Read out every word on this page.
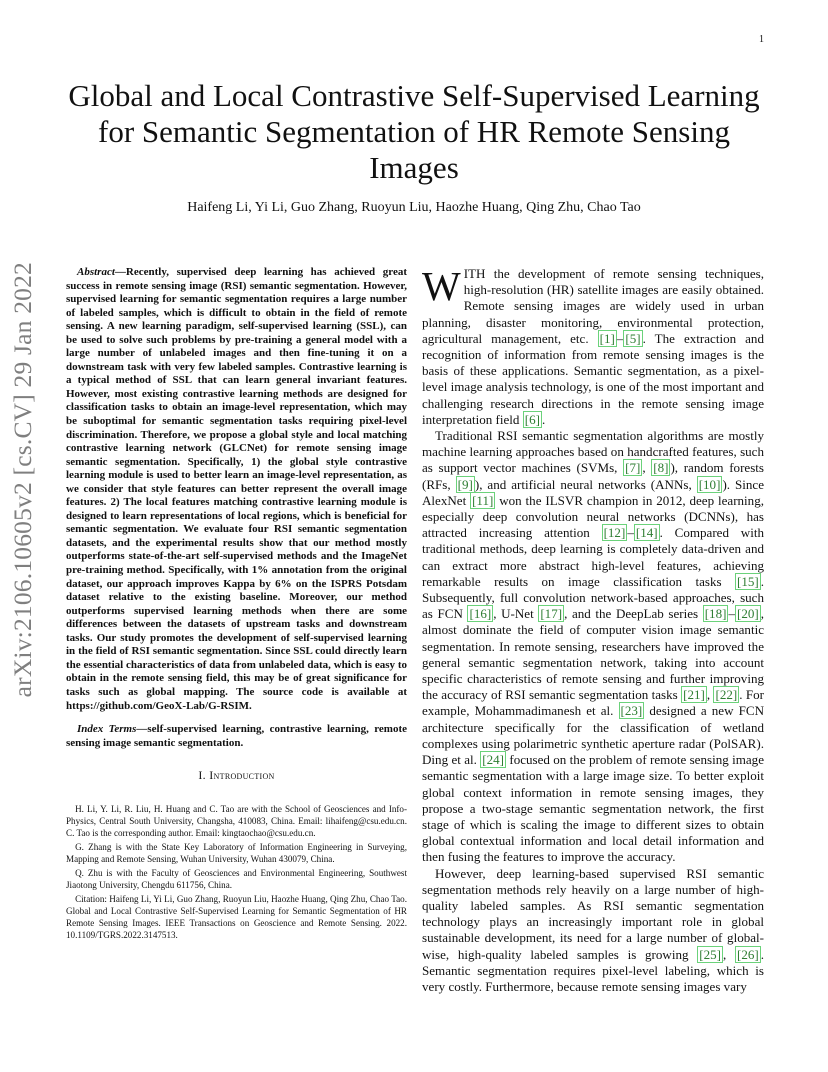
1
arXiv:2106.10605v2 [cs.CV] 29 Jan 2022
Global and Local Contrastive Self-Supervised Learning for Semantic Segmentation of HR Remote Sensing Images
Haifeng Li, Yi Li, Guo Zhang, Ruoyun Liu, Haozhe Huang, Qing Zhu, Chao Tao

Abstract—Recently, supervised deep learning has achieved great success in remote sensing image (RSI) semantic segmentation. However, supervised learning for semantic segmentation requires a large number of labeled samples, which is difficult to obtain in the field of remote sensing. A new learning paradigm, self-supervised learning (SSL), can be used to solve such problems by pre-training a general model with a large number of unlabeled images and then fine-tuning it on a downstream task with very few labeled samples. Contrastive learning is a typical method of SSL that can learn general invariant features. However, most existing contrastive learning methods are designed for classification tasks to obtain an image-level representation, which may be suboptimal for semantic segmentation tasks requiring pixel-level discrimination. Therefore, we propose a global style and local matching contrastive learning network (GLCNet) for remote sensing image semantic segmentation. Specifically, 1) the global style contrastive learning module is used to better learn an image-level representation, as we consider that style features can better represent the overall image features. 2) The local features matching contrastive learning module is designed to learn representations of local regions, which is beneficial for semantic segmentation. We evaluate four RSI semantic segmentation datasets, and the experimental results show that our method mostly outperforms state-of-the-art self-supervised methods and the ImageNet pre-training method. Specifically, with 1% annotation from the original dataset, our approach improves Kappa by 6% on the ISPRS Potsdam dataset relative to the existing baseline. Moreover, our method outperforms supervised learning methods when there are some differences between the datasets of upstream tasks and downstream tasks. Our study promotes the development of self-supervised learning in the field of RSI semantic segmentation. Since SSL could directly learn the essential characteristics of data from unlabeled data, which is easy to obtain in the remote sensing field, this may be of great significance for tasks such as global mapping. The source code is available at https://github.com/GeoX-Lab/G-RSIM.

Index Terms—self-supervised learning, contrastive learning, remote sensing image semantic segmentation.

I. Introduction

H. Li, Y. Li, R. Liu, H. Huang and C. Tao are with the School of Geosciences and Info-Physics, Central South University, Changsha, 410083, China. Email: lihaifeng@csu.edu.cn. C. Tao is the corresponding author. Email: kingtaochao@csu.edu.cn.

G. Zhang is with the State Key Laboratory of Information Engineering in Surveying, Mapping and Remote Sensing, Wuhan University, Wuhan 430079, China.

Q. Zhu is with the Faculty of Geosciences and Environmental Engineering, Southwest Jiaotong University, Chengdu 611756, China.

Citation: Haifeng Li, Yi Li, Guo Zhang, Ruoyun Liu, Haozhe Huang, Qing Zhu, Chao Tao. Global and Local Contrastive Self-Supervised Learning for Semantic Segmentation of HR Remote Sensing Images. IEEE Transactions on Geoscience and Remote Sensing. 2022. 10.1109/TGRS.2022.3147513.

WITH the development of remote sensing techniques, high-resolution (HR) satellite images are easily obtained. Remote sensing images are widely used in urban planning, disaster monitoring, environmental protection, agricultural management, etc. [1] – [5] . The extraction and recognition of information from remote sensing images is the basis of these applications. Semantic segmentation, as a pixel-level image analysis technology, is one of the most important and challenging research directions in the remote sensing image interpretation field [6] .

Traditional RSI semantic segmentation algorithms are mostly machine learning approaches based on handcrafted features, such as support vector machines (SVMs, [7] , [8] ), random forests (RFs, [9] ), and artificial neural networks (ANNs, [10] ). Since AlexNet [11] won the ILSVR champion in 2012, deep learning, especially deep convolution neural networks (DCNNs), has attracted increasing attention [12] – [14] . Compared with traditional methods, deep learning is completely data-driven and can extract more abstract high-level features, achieving remarkable results on image classification tasks [15] . Subsequently, full convolution network-based approaches, such as FCN [16] , U-Net [17] , and the DeepLab series [18] – [20] , almost dominate the field of computer vision image semantic segmentation. In remote sensing, researchers have improved the general semantic segmentation network, taking into account specific characteristics of remote sensing and further improving the accuracy of RSI semantic segmentation tasks [21] , [22] . For example, Mohammadimanesh et al. [23] designed a new FCN architecture specifically for the classification of wetland complexes using polarimetric synthetic aperture radar (PolSAR). Ding et al. [24] focused on the problem of remote sensing image semantic segmentation with a large image size. To better exploit global context information in remote sensing images, they propose a two-stage semantic segmentation network, the first stage of which is scaling the image to different sizes to obtain global contextual information and local detail information and then fusing the features to improve the accuracy.

However, deep learning-based supervised RSI semantic segmentation methods rely heavily on a large number of high-quality labeled samples. As RSI semantic segmentation technology plays an increasingly important role in global sustainable development, its need for a large number of global-wise, high-quality labeled samples is growing [25] , [26] . Semantic segmentation requires pixel-level labeling, which is very costly. Furthermore, because remote sensing images vary
